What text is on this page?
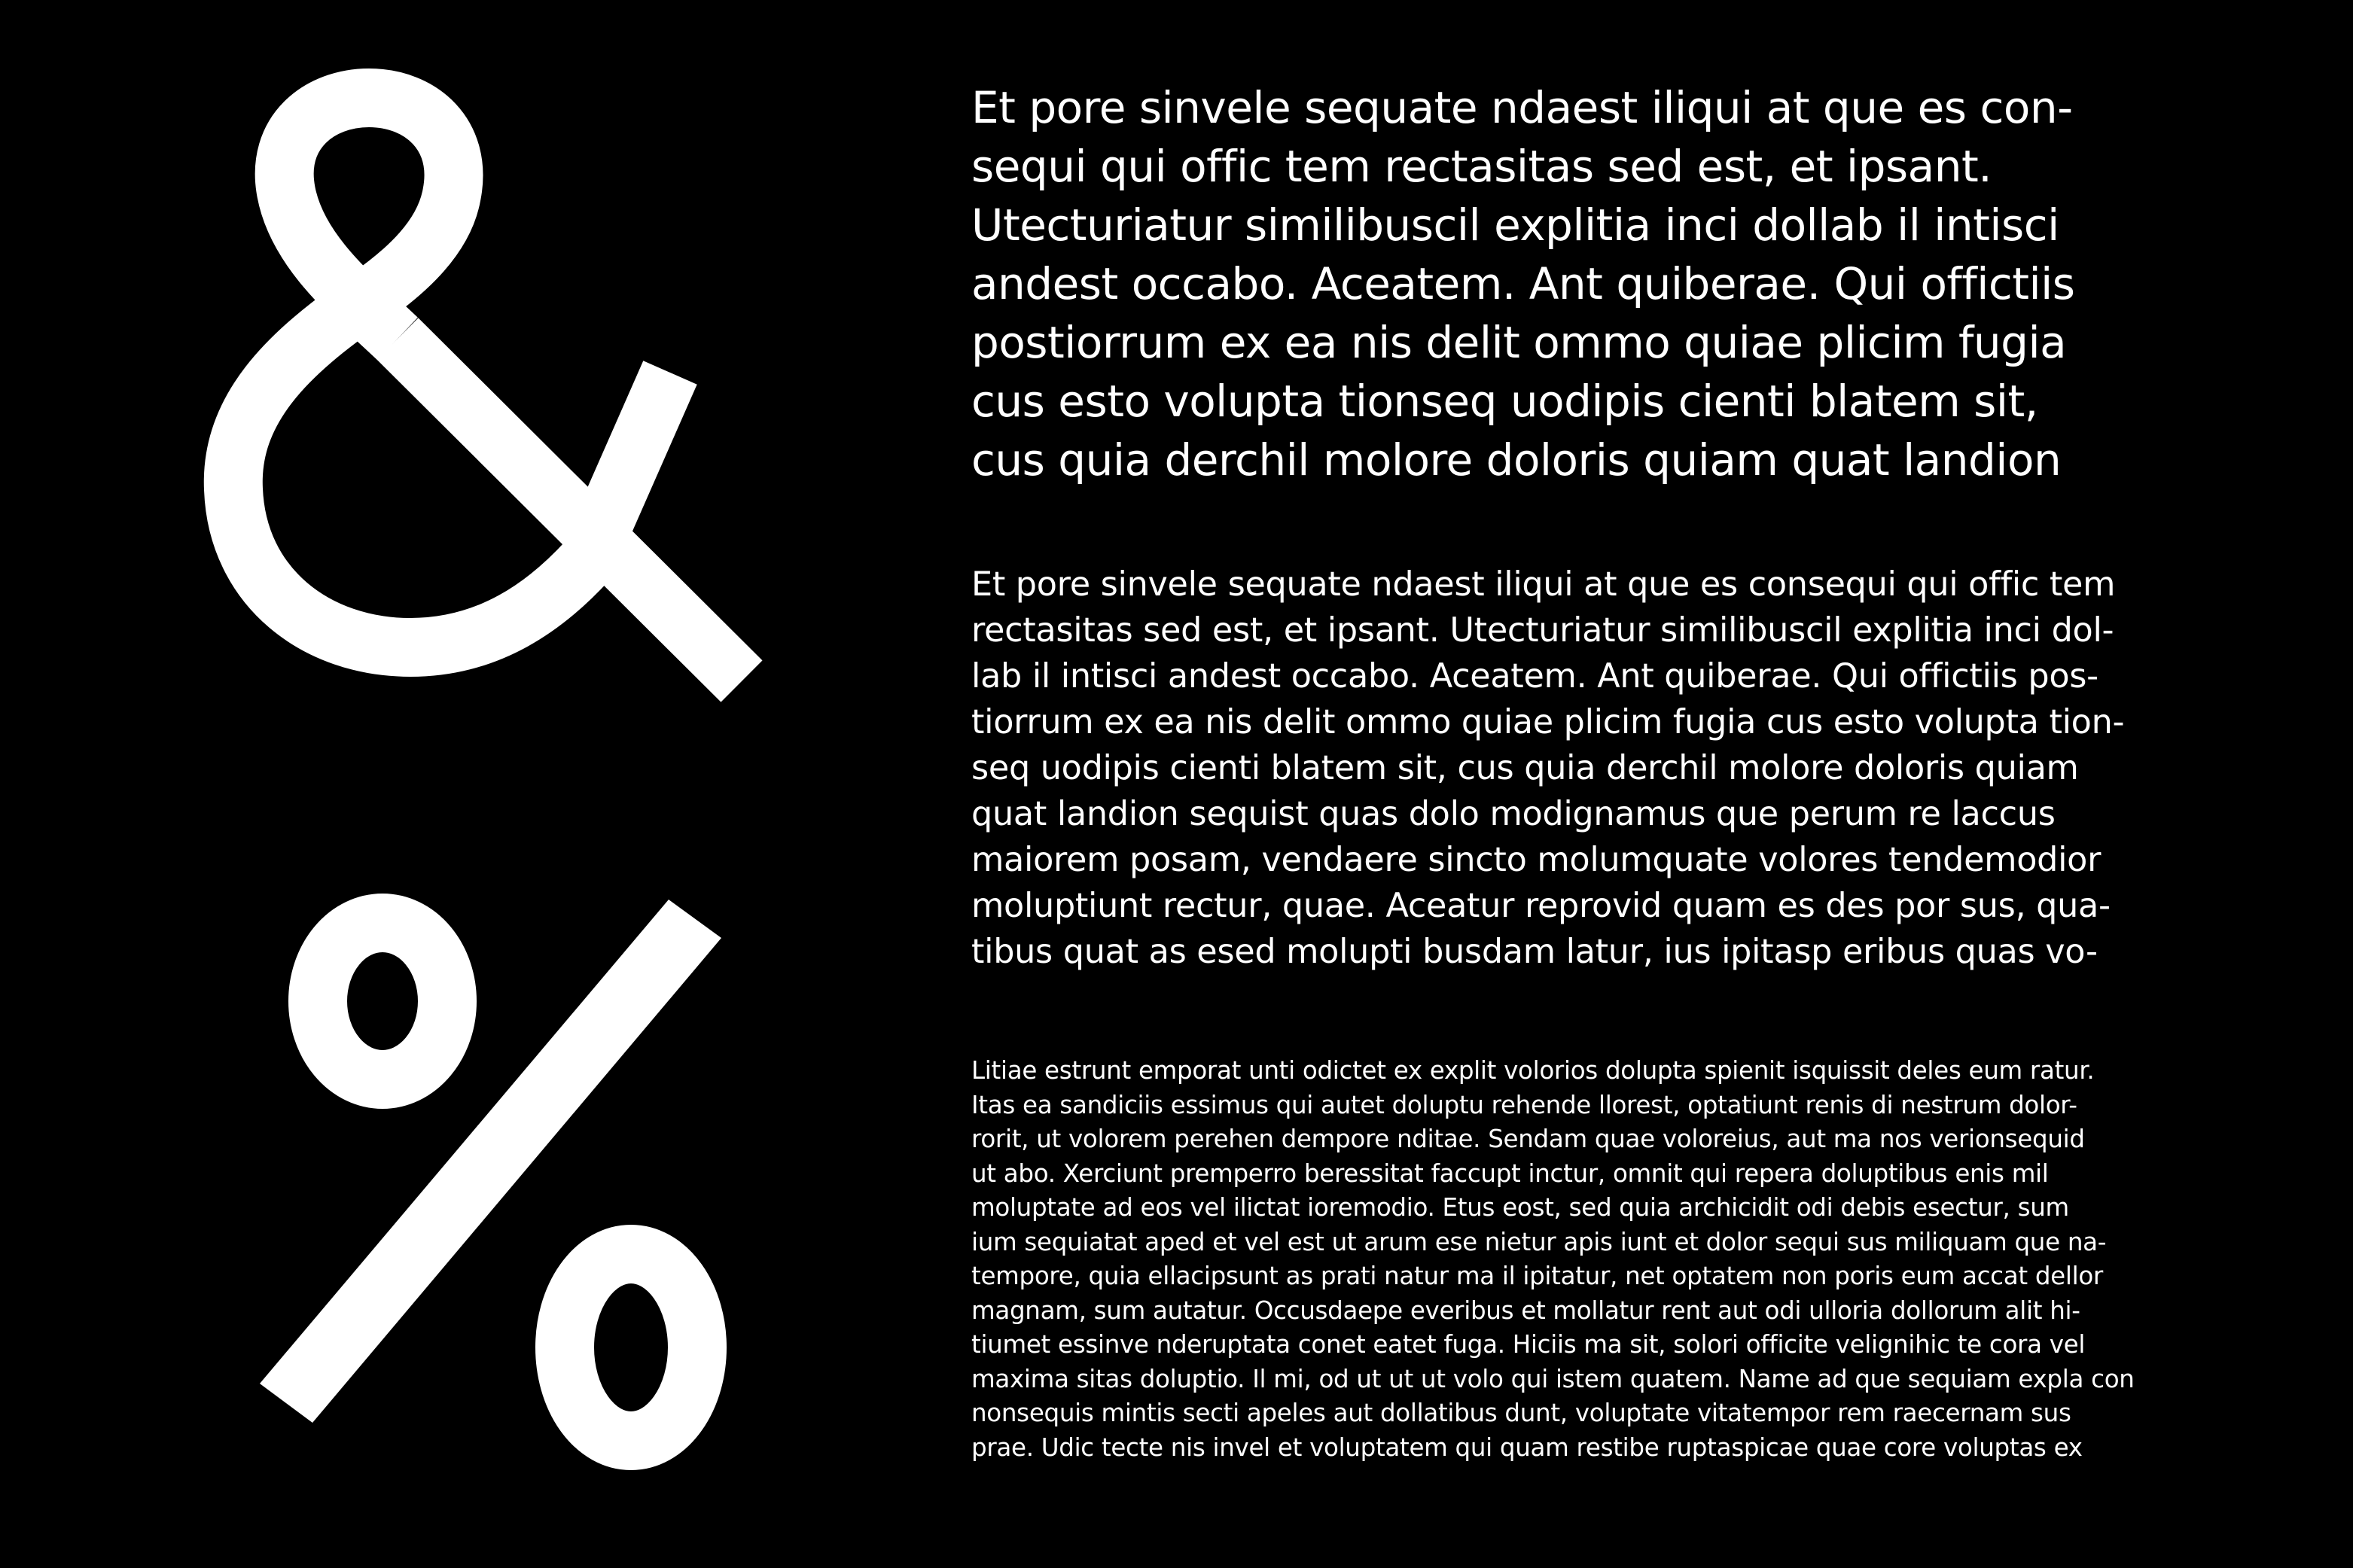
Et pore sinvele sequate ndaest iliqui at que es con-
sequi qui offic tem rectasitas sed est, et ipsant.
Utecturiatur similibuscil explitia inci dollab il intisci
andest occabo. Aceatem. Ant quiberae. Qui offictiis
postiorrum ex ea nis delit ommo quiae plicim fugia
cus esto volupta tionseq uodipis cienti blatem sit,
cus quia derchil molore doloris quiam quat landion

Et pore sinvele sequate ndaest iliqui at que es consequi qui offic tem
rectasitas sed est, et ipsant. Utecturiatur similibuscil explitia inci dol-
lab il intisci andest occabo. Aceatem. Ant quiberae. Qui offictiis pos-
tiorrum ex ea nis delit ommo quiae plicim fugia cus esto volupta tion-
seq uodipis cienti blatem sit, cus quia derchil molore doloris quiam
quat landion sequist quas dolo modignamus que perum re laccus
maiorem posam, vendaere sincto molumquate volores tendemodior
moluptiunt rectur, quae. Aceatur reprovid quam es des por sus, qua-
tibus quat as esed molupti busdam latur, ius ipitasp eribus quas vo-

Litiae estrunt emporat unti odictet ex explit volorios dolupta spienit isquissit deles eum ratur.
Itas ea sandiciis essimus qui autet doluptu rehende llorest, optatiunt renis di nestrum dolor-
rorit, ut volorem perehen dempore nditae. Sendam quae voloreius, aut ma nos verionsequid
ut abo. Xerciunt premperro beressitat faccupt inctur, omnit qui repera doluptibus enis mil
moluptate ad eos vel ilictat ioremodio. Etus eost, sed quia archicidit odi debis esectur, sum
ium sequiatat aped et vel est ut arum ese nietur apis iunt et dolor sequi sus miliquam que na-
tempore, quia ellacipsunt as prati natur ma il ipitatur, net optatem non poris eum accat dellor
magnam, sum autatur. Occusdaepe everibus et mollatur rent aut odi ulloria dollorum alit hi-
tiumet essinve nderuptata conet eatet fuga. Hiciis ma sit, solori officite velignihic te cora vel
maxima sitas doluptio. Il mi, od ut ut ut volo qui istem quatem. Name ad que sequiam expla con
nonsequis mintis secti apeles aut dollatibus dunt, voluptate vitatempor rem raecernam sus
prae. Udic tecte nis invel et voluptatem qui quam restibe ruptaspicae quae core voluptas ex
